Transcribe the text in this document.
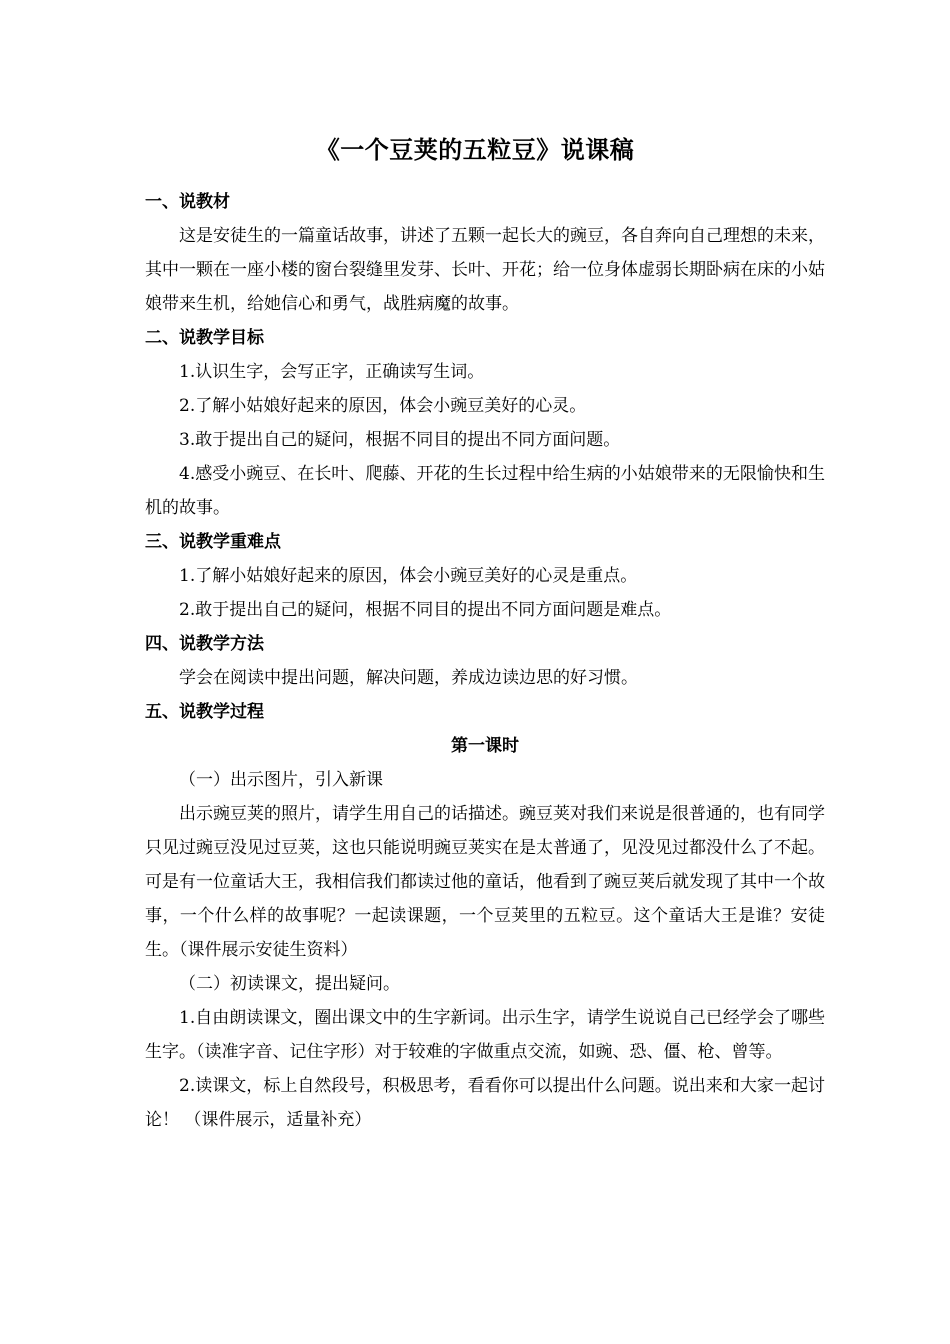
《一个豆荚的五粒豆》说课稿
一、说教材
这是安徒生的一篇童话故事，讲述了五颗一起长大的豌豆，各自奔向自己理想的未来，其中一颗在一座小楼的窗台裂缝里发芽、长叶、开花；给一位身体虚弱长期卧病在床的小姑娘带来生机，给她信心和勇气，战胜病魔的故事。
二、说教学目标
1.认识生字，会写正字，正确读写生词。
2.了解小姑娘好起来的原因，体会小豌豆美好的心灵。
3.敢于提出自己的疑问，根据不同目的提出不同方面问题。
4.感受小豌豆、在长叶、爬藤、开花的生长过程中给生病的小姑娘带来的无限愉快和生机的故事。
三、说教学重难点
1.了解小姑娘好起来的原因，体会小豌豆美好的心灵是重点。
2.敢于提出自己的疑问，根据不同目的提出不同方面问题是难点。
四、说教学方法
学会在阅读中提出问题，解决问题，养成边读边思的好习惯。
五、说教学过程
第一课时
（一）出示图片，引入新课
出示豌豆荚的照片，请学生用自己的话描述。豌豆荚对我们来说是很普通的，也有同学只见过豌豆没见过豆荚，这也只能说明豌豆荚实在是太普通了，见没见过都没什么了不起。可是有一位童话大王，我相信我们都读过他的童话，他看到了豌豆荚后就发现了其中一个故事，一个什么样的故事呢？一起读课题，一个豆荚里的五粒豆。这个童话大王是谁？安徒生。（课件展示安徒生资料）
（二）初读课文，提出疑问。
1.自由朗读课文，圈出课文中的生字新词。出示生字，请学生说说自己已经学会了哪些生字。（读准字音、记住字形）对于较难的字做重点交流，如豌、恐、僵、枪、曾等。
2.读课文，标上自然段号，积极思考，看看你可以提出什么问题。说出来和大家一起讨论！ （课件展示，适量补充）
